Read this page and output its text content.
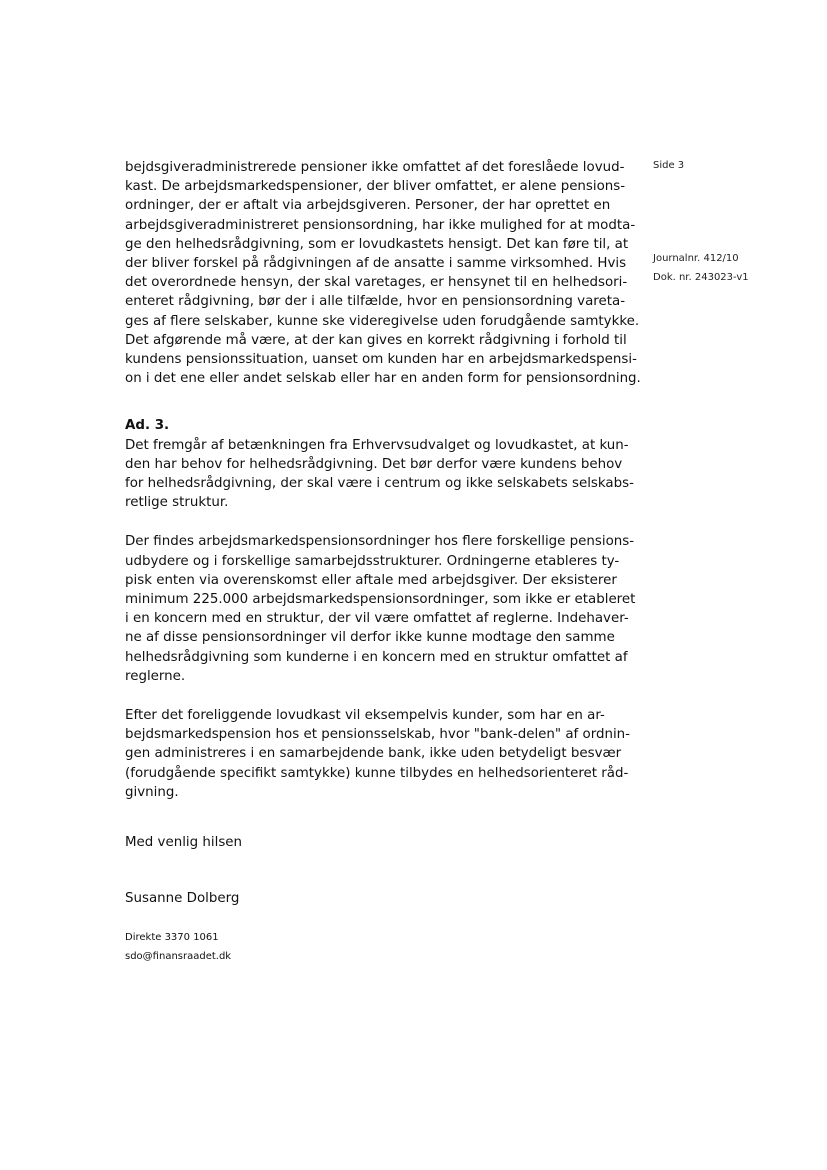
Side 3
Journalnr. 412/10
Dok. nr. 243023-v1

bejdsgiveradministrerede pensioner ikke omfattet af det foreslåede lovud-
kast. De arbejdsmarkedspensioner, der bliver omfattet, er alene pensions-
ordninger, der er aftalt via arbejdsgiveren. Personer, der har oprettet en
arbejdsgiveradministreret pensionsordning, har ikke mulighed for at modta-
ge den helhedsrådgivning, som er lovudkastets hensigt. Det kan føre til, at
der bliver forskel på rådgivningen af de ansatte i samme virksomhed. Hvis
det overordnede hensyn, der skal varetages, er hensynet til en helhedsori-
enteret rådgivning, bør der i alle tilfælde, hvor en pensionsordning vareta-
ges af flere selskaber, kunne ske videregivelse uden forudgående samtykke.
Det afgørende må være, at der kan gives en korrekt rådgivning i forhold til
kundens pensionssituation, uanset om kunden har en arbejdsmarkedspensi-
on i det ene eller andet selskab eller har en anden form for pensionsordning.

Ad. 3.

Det fremgår af betænkningen fra Erhvervsudvalget og lovudkastet, at kun-
den har behov for helhedsrådgivning. Det bør derfor være kundens behov
for helhedsrådgivning, der skal være i centrum og ikke selskabets selskabs-
retlige struktur.

Der findes arbejdsmarkedspensionsordninger hos flere forskellige pensions-
udbydere og i forskellige samarbejdsstrukturer. Ordningerne etableres ty-
pisk enten via overenskomst eller aftale med arbejdsgiver. Der eksisterer
minimum 225.000 arbejdsmarkedspensionsordninger, som ikke er etableret
i en koncern med en struktur, der vil være omfattet af reglerne. Indehaver-
ne af disse pensionsordninger vil derfor ikke kunne modtage den samme
helhedsrådgivning som kunderne i en koncern med en struktur omfattet af
reglerne.

Efter det foreliggende lovudkast vil eksempelvis kunder, som har en ar-
bejdsmarkedspension hos et pensionsselskab, hvor "bank-delen" af ordnin-
gen administreres i en samarbejdende bank, ikke uden betydeligt besvær
(forudgående specifikt samtykke) kunne tilbydes en helhedsorienteret råd-
givning.

Med venlig hilsen
Susanne Dolberg
Direkte 3370 1061
sdo@finansraadet.dk
